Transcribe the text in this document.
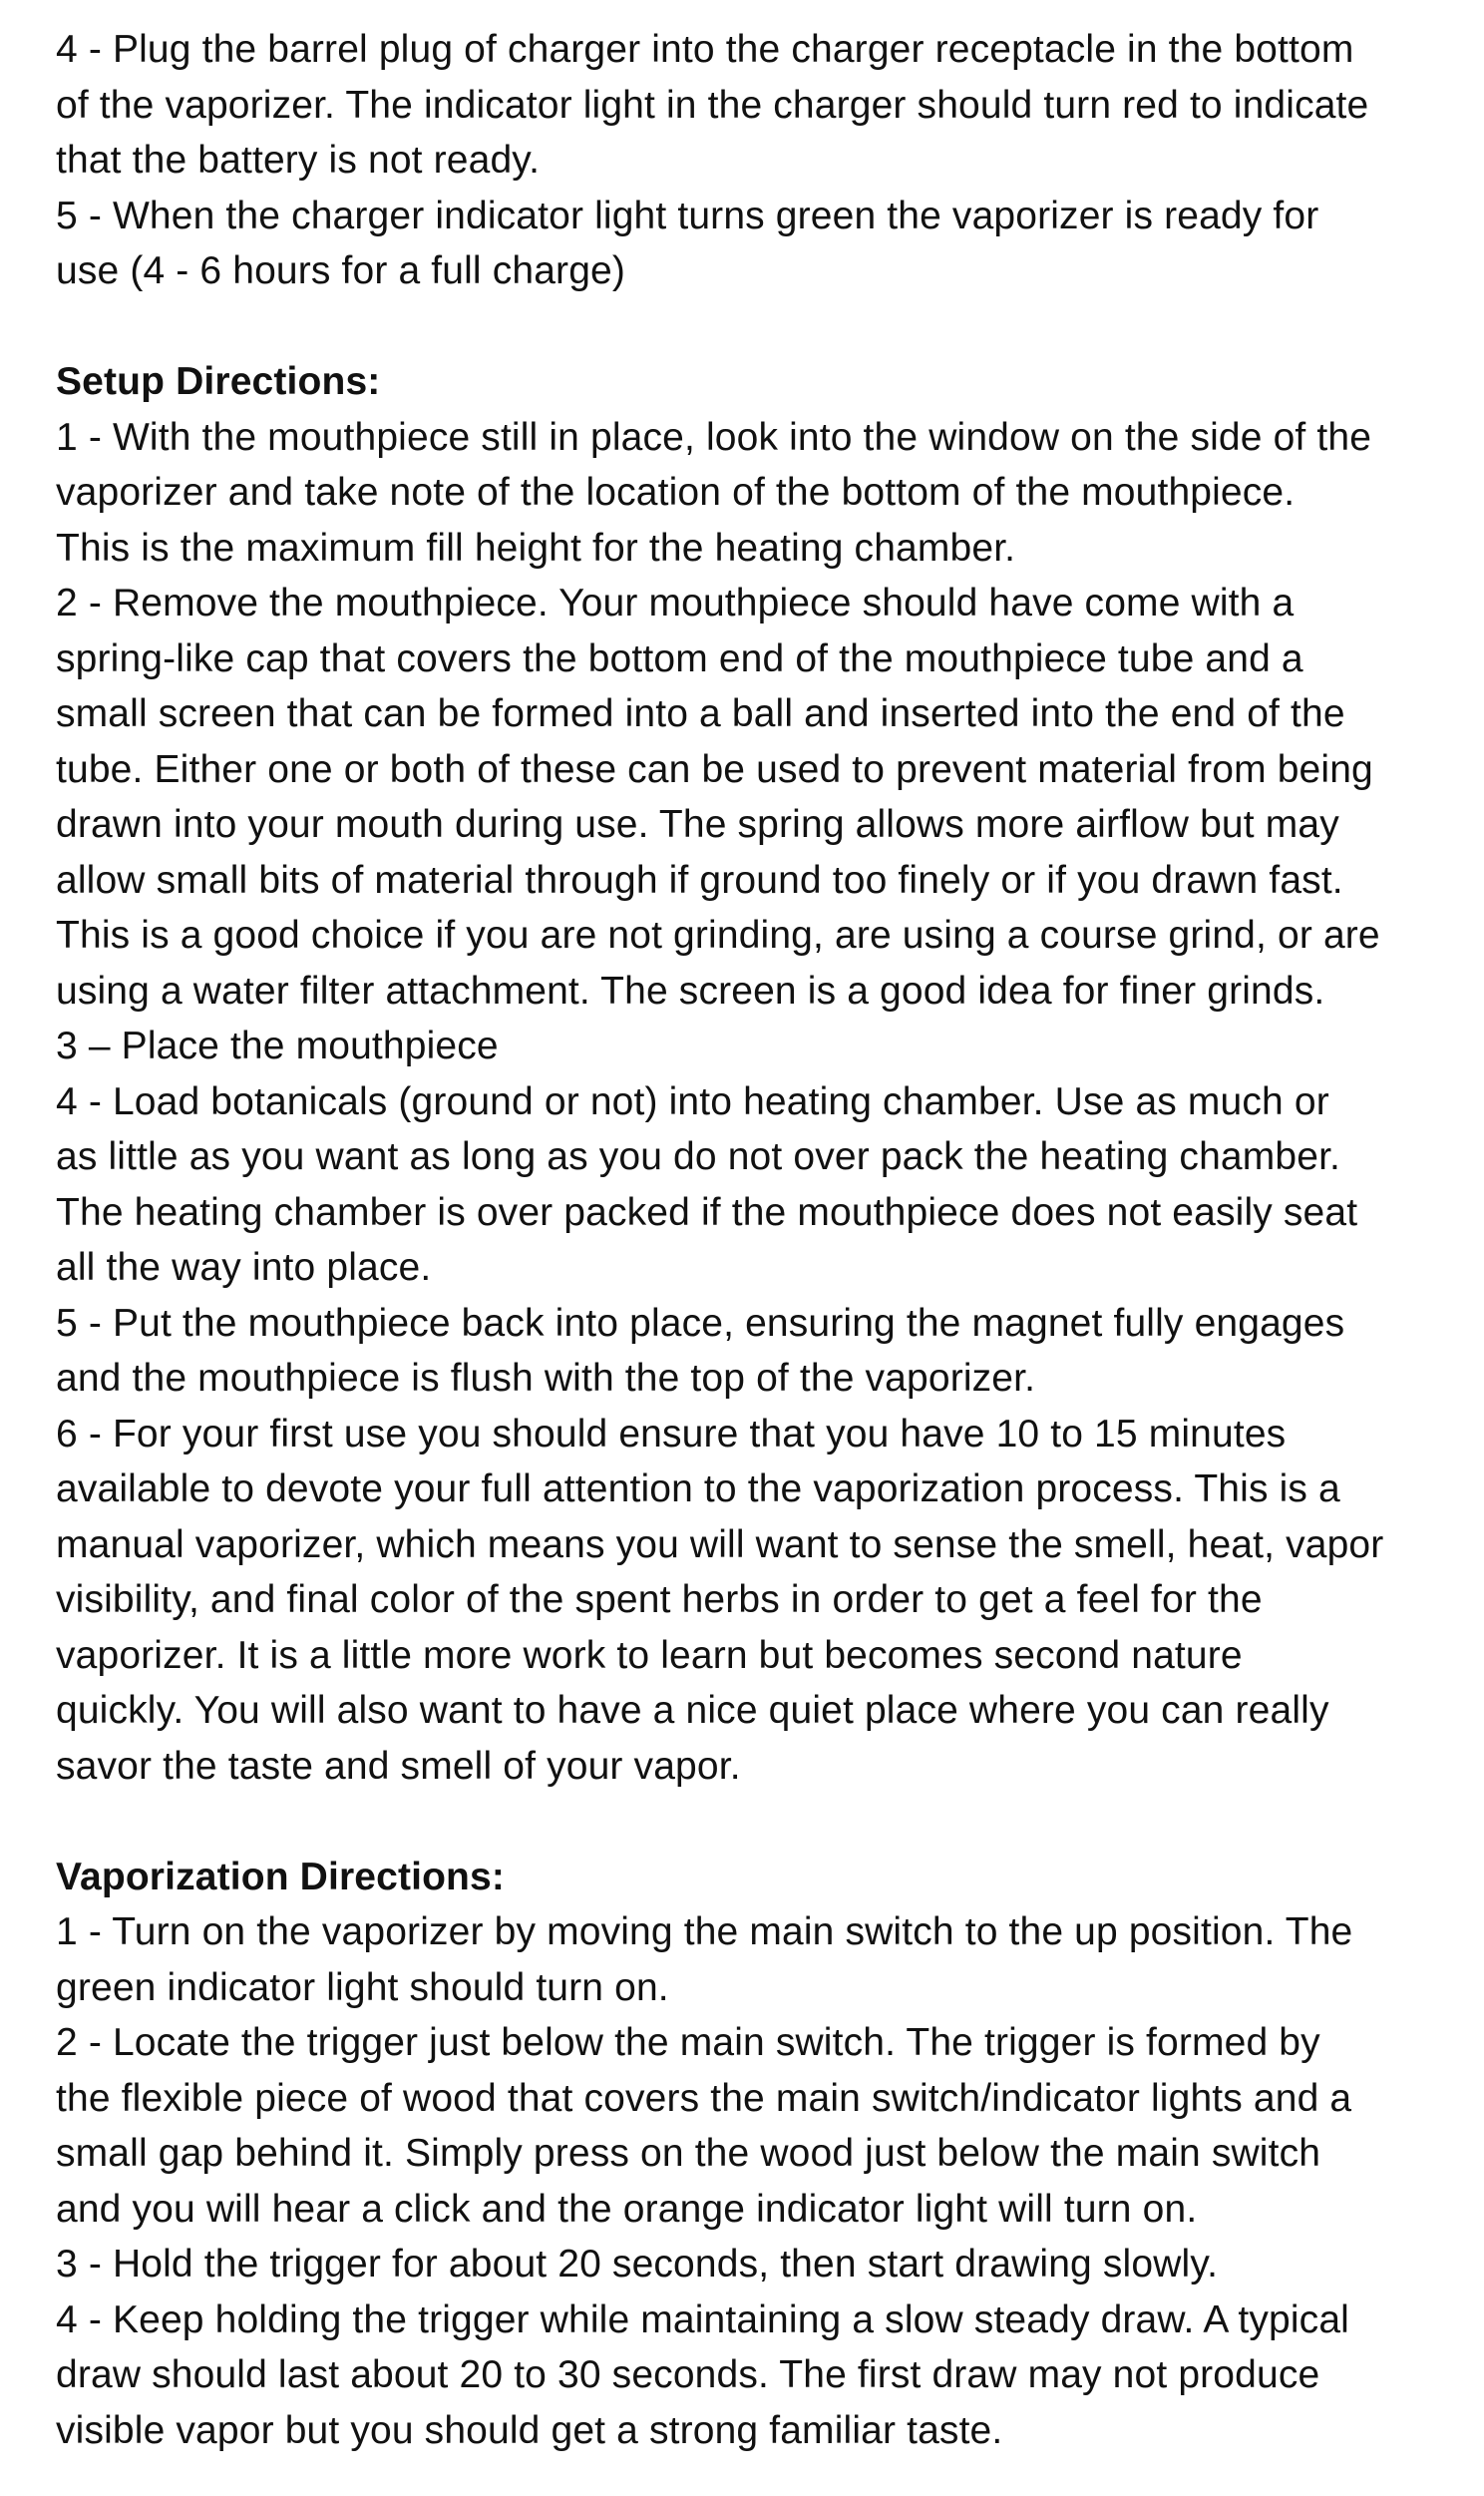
4 - Plug the barrel plug of charger into the charger receptacle in the bottom
of the vaporizer. The indicator light in the charger should turn red to indicate
that the battery is not ready.
5 - When the charger indicator light turns green the vaporizer is ready for
use (4 - 6 hours for a full charge)
Setup Directions:
1 - With the mouthpiece still in place, look into the window on the side of the
vaporizer and take note of the location of the bottom of the mouthpiece.
This is the maximum fill height for the heating chamber.
2 - Remove the mouthpiece. Your mouthpiece should have come with a
spring-like cap that covers the bottom end of the mouthpiece tube and a
small screen that can be formed into a ball and inserted into the end of the
tube. Either one or both of these can be used to prevent material from being
drawn into your mouth during use. The spring allows more airflow but may
allow small bits of material through if ground too finely or if you drawn fast.
This is a good choice if you are not grinding, are using a course grind, or are
using a water filter attachment. The screen is a good idea for finer grinds.
3 – Place the mouthpiece
4 - Load botanicals (ground or not) into heating chamber. Use as much or
as little as you want as long as you do not over pack the heating chamber.
The heating chamber is over packed if the mouthpiece does not easily seat
all the way into place.
5 - Put the mouthpiece back into place, ensuring the magnet fully engages
and the mouthpiece is flush with the top of the vaporizer.
6 - For your first use you should ensure that you have 10 to 15 minutes
available to devote your full attention to the vaporization process. This is a
manual vaporizer, which means you will want to sense the smell, heat, vapor
visibility, and final color of the spent herbs in order to get a feel for the
vaporizer. It is a little more work to learn but becomes second nature
quickly. You will also want to have a nice quiet place where you can really
savor the taste and smell of your vapor.
Vaporization Directions:
1 - Turn on the vaporizer by moving the main switch to the up position. The
green indicator light should turn on.
2 - Locate the trigger just below the main switch. The trigger is formed by
the flexible piece of wood that covers the main switch/indicator lights and a
small gap behind it. Simply press on the wood just below the main switch
and you will hear a click and the orange indicator light will turn on.
3 - Hold the trigger for about 20 seconds, then start drawing slowly.
4 - Keep holding the trigger while maintaining a slow steady draw. A typical
draw should last about 20 to 30 seconds. The first draw may not produce
visible vapor but you should get a strong familiar taste.
